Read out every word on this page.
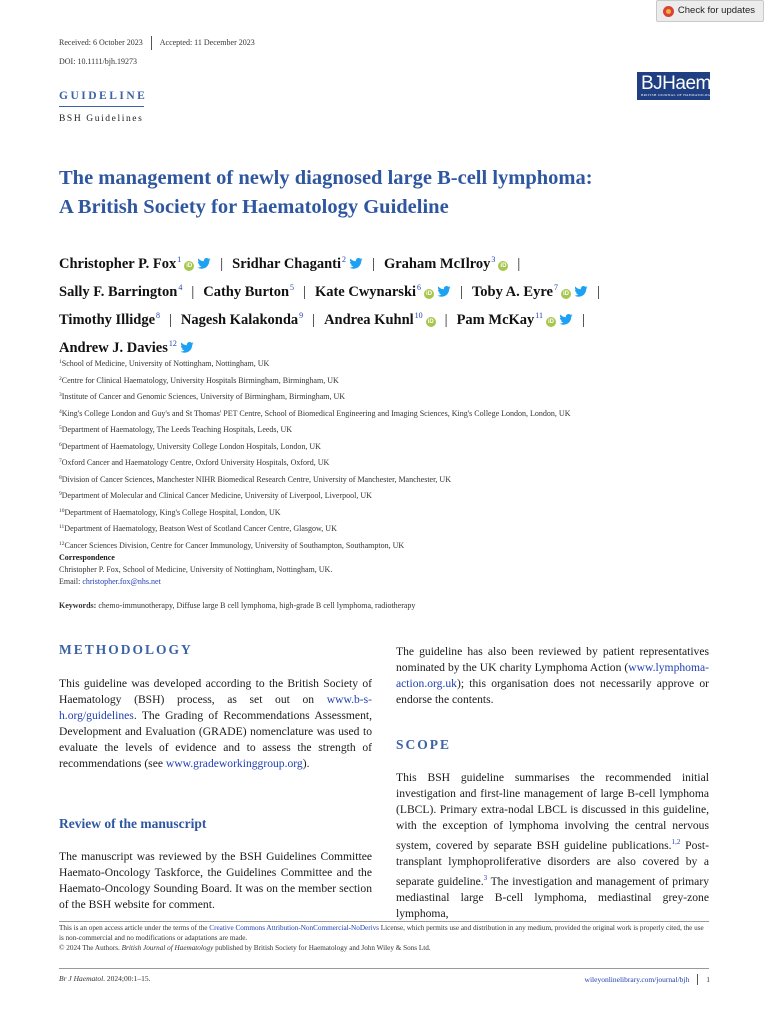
Check for updates
Received: 6 October 2023 Accepted: 11 December 2023
DOI: 10.1111/bjh.19273
BJHaem
BRITISH JOURNAL OF HAEMATOLOGY
GUIDELINE
BSH Guidelines
The management of newly diagnosed large B-cell lymphoma:
A British Society for Haematology Guideline
Christopher P. Fox$^1$iD | Sridhar Chaganti$^2$ | Graham McIlroy$^3$iD |
Sally F. Barrington$^4$ | Cathy Burton$^5$ | Kate Cwynarski$^6$iD | Toby A. Eyre$^7$iD |
Timothy Illidge$^8$ | Nagesh Kalakonda$^9$ | Andrea Kuhnl$^{10}$iD | Pam McKay$^{11}$iD |
Andrew J. Davies$^{12}$
$^1$School of Medicine, University of Nottingham, Nottingham, UK
$^2$Centre for Clinical Haematology, University Hospitals Birmingham, Birmingham, UK
$^3$Institute of Cancer and Genomic Sciences, University of Birmingham, Birmingham, UK
$^4$King's College London and Guy's and St Thomas' PET Centre, School of Biomedical Engineering and Imaging Sciences, King's College London, London, UK
$^5$Department of Haematology, The Leeds Teaching Hospitals, Leeds, UK
$^6$Department of Haematology, University College London Hospitals, London, UK
$^7$Oxford Cancer and Haematology Centre, Oxford University Hospitals, Oxford, UK
$^8$Division of Cancer Sciences, Manchester NIHR Biomedical Research Centre, University of Manchester, Manchester, UK
$^9$Department of Molecular and Clinical Cancer Medicine, University of Liverpool, Liverpool, UK
$^{10}$Department of Haematology, King's College Hospital, London, UK
$^{11}$Department of Haematology, Beatson West of Scotland Cancer Centre, Glasgow, UK
$^{12}$Cancer Sciences Division, Centre for Cancer Immunology, University of Southampton, Southampton, UK
Correspondence
Christopher P. Fox, School of Medicine, University of Nottingham, Nottingham, UK.
Email: christopher.fox@nhs.net
Keywords: chemo-immunotherapy, Diffuse large B cell lymphoma, high-grade B cell lymphoma, radiotherapy
METHODOLOGY

This guideline was developed according to the British Society of Haematology (BSH) process, as set out on www.b-s-h.org/guidelines. The Grading of Recommendations Assessment, Development and Evaluation (GRADE) nomenclature was used to evaluate the levels of evidence and to assess the strength of recommendations (see www.gradeworkinggroup.org).

Review of the manuscript

The manuscript was reviewed by the BSH Guidelines Committee Haemato-Oncology Taskforce, the Guidelines Committee and the Haemato-Oncology Sounding Board. It was on the member section of the BSH website for comment.

The guideline has also been reviewed by patient representatives nominated by the UK charity Lymphoma Action (www.lymphoma-action.org.uk); this organisation does not necessarily approve or endorse the contents.

SCOPE

This BSH guideline summarises the recommended initial investigation and first-line management of large B-cell lymphoma (LBCL). Primary extra-nodal LBCL is discussed in this guideline, with the exception of lymphoma involving the central nervous system, covered by separate BSH guideline publications.$^{1,2}$ Post-transplant lymphoproliferative disorders are also covered by a separate guideline.$^3$ The investigation and management of primary mediastinal large B-cell lymphoma, mediastinal grey-zone lymphoma,

This is an open access article under the terms of the Creative Commons Attribution-NonCommercial-NoDerivs License, which permits use and distribution in any medium, provided the original work is properly cited, the use is non-commercial and no modifications or adaptations are made.
© 2024 The Authors. British Journal of Haematology published by British Society for Haematology and John Wiley & Sons Ltd.
Br J Haematol. 2024;00:1–15.	wileyonlinelibrary.com/journal/bjh 1
